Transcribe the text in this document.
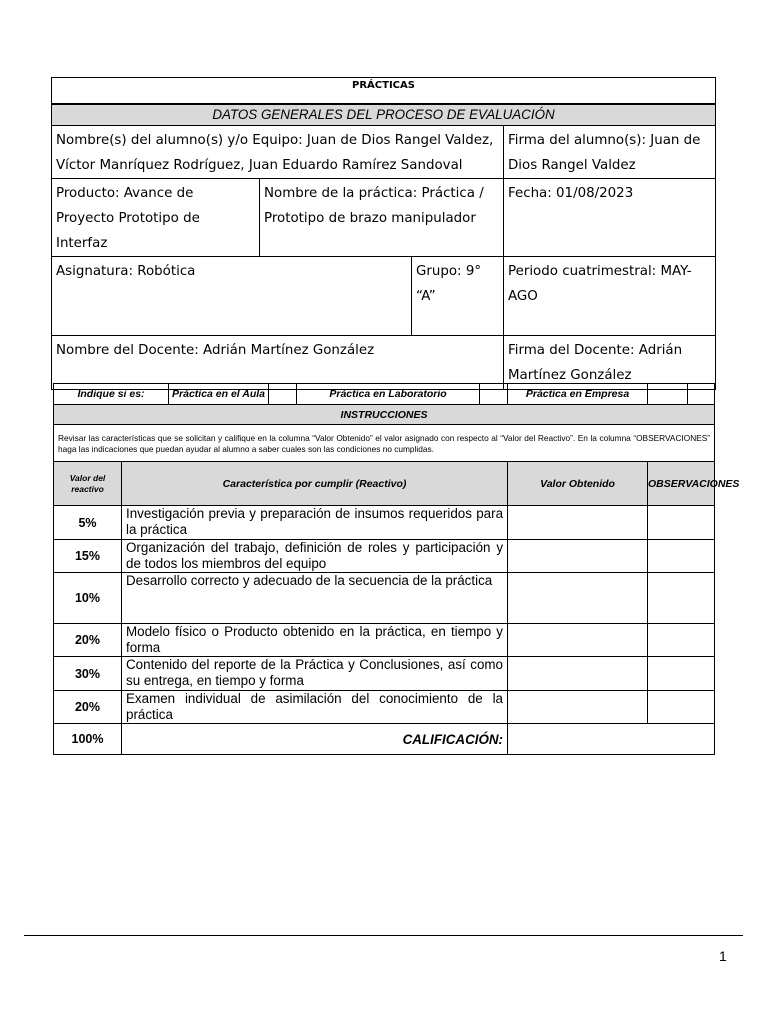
PRÁCTICAS			
DATOS GENERALES DEL PROCESO DE EVALUACIÓN			
Nombre(s) del alumno(s) y/o Equipo: Juan de Dios Rangel Valdez, Víctor Manríquez Rodríguez, Juan Eduardo Ramírez Sandoval			Firma del alumno(s): Juan de Dios Rangel Valdez
Producto: Avance de Proyecto Prototipo de Interfaz	Nombre de la práctica: Práctica / Prototipo de brazo manipulador		Fecha: 01/08/2023
Asignatura: Robótica		Grupo: 9° “A”	Periodo cuatrimestral: MAY-AGO
Nombre del Docente: Adrián Martínez González			Firma del Docente: Adrián Martínez González
Indique si es:		Práctica en el Aula		Práctica en Laboratorio		Práctica en Empresa		
INSTRUCCIONES								
Revisar las características que se solicitan y califique en la columna “Valor Obtenido” el valor asignado con respecto al “Valor del Reactivo”. En la columna “OBSERVACIONES” haga las indicaciones que puedan ayudar al alumno a saber cuales son las condiciones no cumplidas.								
Valor del reactivo	Característica por cumplir (Reactivo)					Valor Obtenido	OBSERVACIONES	
5%	Investigación previa y preparación de insumos requeridos para la práctica							
15%	Organización del trabajo, definición de roles y participación y de todos los miembros del equipo							
10%	Desarrollo correcto y adecuado de la secuencia de la práctica							
20%	Modelo físico o Producto obtenido en la práctica, en tiempo y forma							
30%	Contenido del reporte de la Práctica y Conclusiones, así como su entrega, en tiempo y forma							
20%	Examen individual de asimilación del conocimiento de la práctica							
100%	CALIFICACIÓN:							
1
